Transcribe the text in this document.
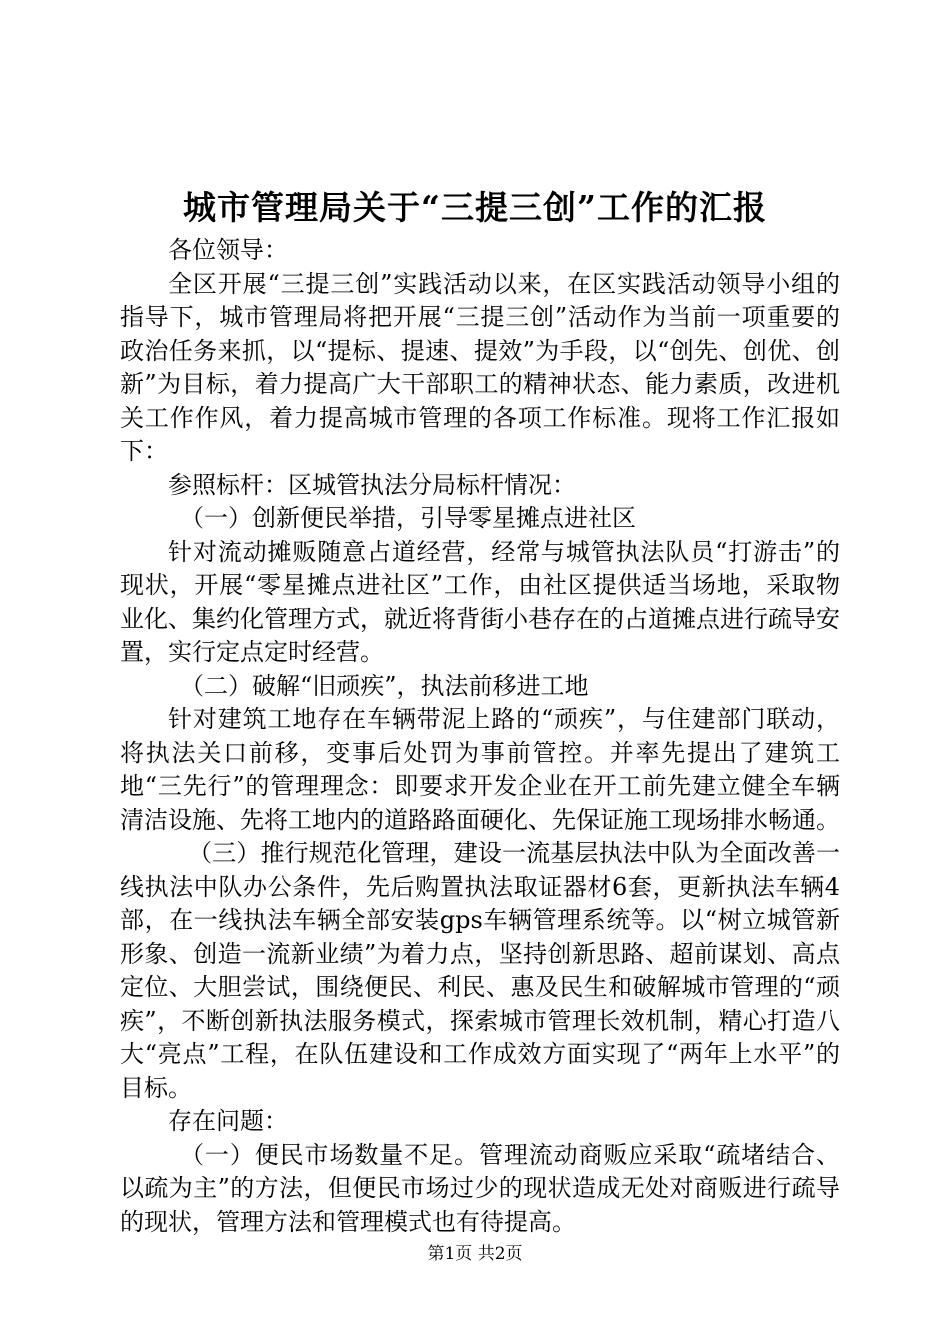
城市管理局关于“三提三创”工作的汇报

各位领导：

全区开展“三提三创”实践活动以来，在区实践活动领导小组的指导下，城市管理局将把开展“三提三创”活动作为当前一项重要的政治任务来抓，以“提标、提速、提效”为手段，以“创先、创优、创新”为目标，着力提高广大干部职工的精神状态、能力素质，改进机关工作作风，着力提高城市管理的各项工作标准。现将工作汇报如下：

参照标杆：区城管执法分局标杆情况：

（一）创新便民举措，引导零星摊点进社区

针对流动摊贩随意占道经营，经常与城管执法队员“打游击”的现状，开展“零星摊点进社区”工作，由社区提供适当场地，采取物业化、集约化管理方式，就近将背街小巷存在的占道摊点进行疏导安置，实行定点定时经营。

（二）破解“旧顽疾”，执法前移进工地

针对建筑工地存在车辆带泥上路的“顽疾”，与住建部门联动，将执法关口前移，变事后处罚为事前管控。并率先提出了建筑工地“三先行”的管理理念：即要求开发企业在开工前先建立健全车辆清洁设施、先将工地内的道路路面硬化、先保证施工现场排水畅通。

（三）推行规范化管理，建设一流基层执法中队为全面改善一线执法中队办公条件，先后购置执法取证器材6套，更新执法车辆4部，在一线执法车辆全部安装gps车辆管理系统等。以“树立城管新形象、创造一流新业绩”为着力点，坚持创新思路、超前谋划、高点定位、大胆尝试，围绕便民、利民、惠及民生和破解城市管理的“顽疾”，不断创新执法服务模式，探索城市管理长效机制，精心打造八大“亮点”工程，在队伍建设和工作成效方面实现了“两年上水平”的目标。

存在问题：

（一）便民市场数量不足。管理流动商贩应采取“疏堵结合、以疏为主”的方法，但便民市场过少的现状造成无处对商贩进行疏导的现状，管理方法和管理模式也有待提高。

第1页 共2页
